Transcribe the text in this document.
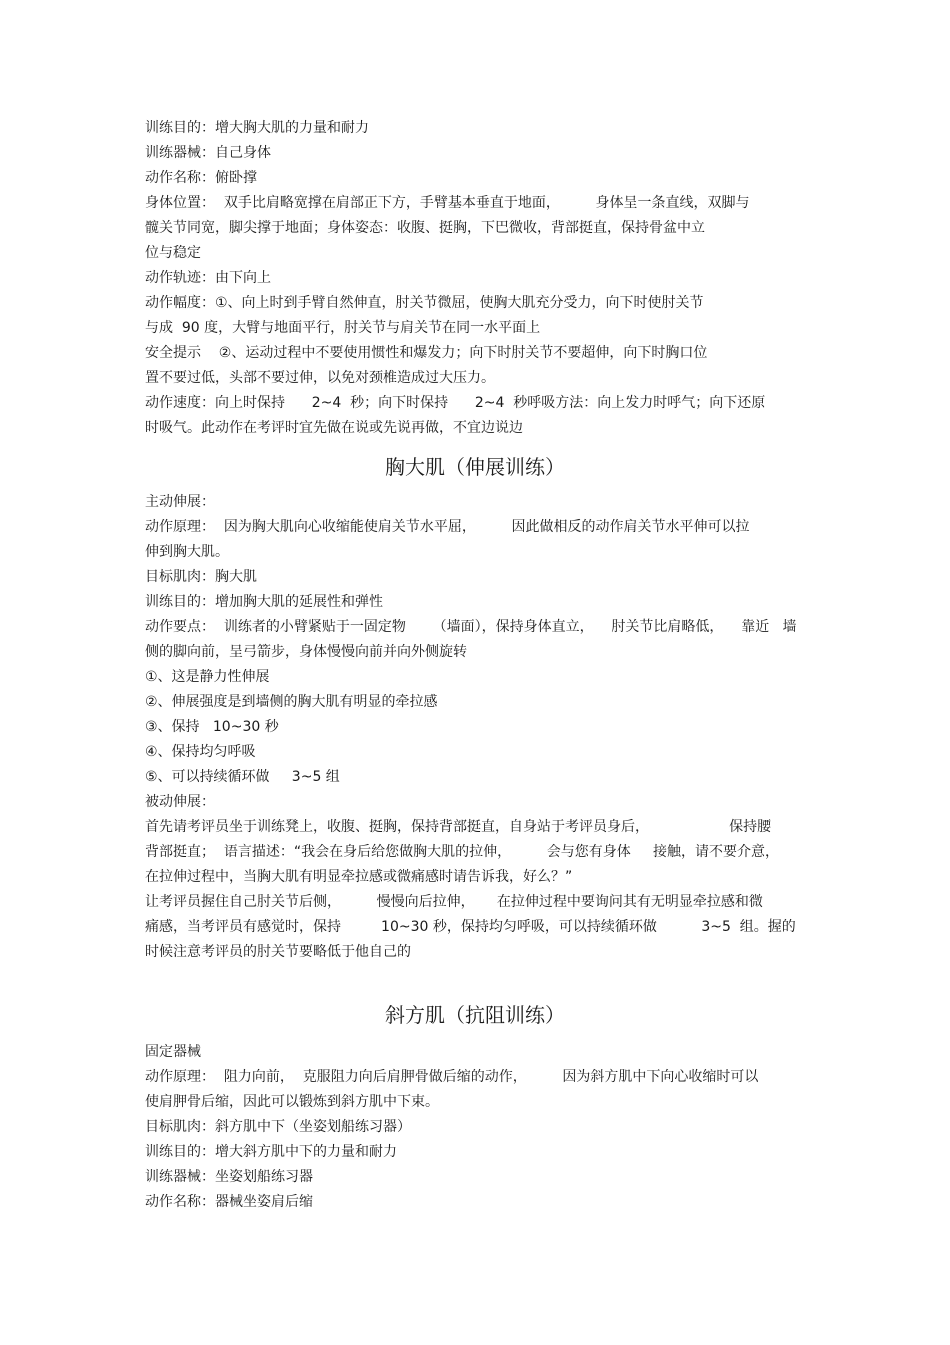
训练目的：增大胸大肌的力量和耐力
训练器械：自己身体
动作名称：俯卧撑
身体位置：  双手比肩略宽撑在肩部正下方，手臂基本垂直于地面，        身体呈一条直线，双脚与
髋关节同宽，脚尖撑于地面；身体姿态：收腹、挺胸，下巴微收，背部挺直，保持骨盆中立
位与稳定
动作轨迹：由下向上
动作幅度：①、向上时到手臂自然伸直，肘关节微屈，使胸大肌充分受力，向下时使肘关节
与成  90 度，大臂与地面平行，肘关节与肩关节在同一水平面上
安全提示    ②、运动过程中不要使用惯性和爆发力；向下时肘关节不要超伸，向下时胸口位
置不要过低，头部不要过伸，以免对颈椎造成过大压力。
动作速度：向上时保持      2~4  秒；向下时保持      2~4  秒呼吸方法：向上发力时呼气；向下还原
时吸气。此动作在考评时宜先做在说或先说再做，不宜边说边
胸大肌（伸展训练）
主动伸展：
动作原理：  因为胸大肌向心收缩能使肩关节水平屈，        因此做相反的动作肩关节水平伸可以拉
伸到胸大肌。
目标肌肉：胸大肌
训练目的：增加胸大肌的延展性和弹性
动作要点：  训练者的小臂紧贴于一固定物      （墙面），保持身体直立，    肘关节比肩略低，    靠近   墙
侧的脚向前，呈弓箭步，身体慢慢向前并向外侧旋转
①、这是静力性伸展
②、伸展强度是到墙侧的胸大肌有明显的牵拉感
③、保持   10~30 秒
④、保持均匀呼吸
⑤、可以持续循环做     3~5 组
被动伸展：
首先请考评员坐于训练凳上，收腹、挺胸，保持背部挺直，自身站于考评员身后，                  保持腰
背部挺直；  语言描述：“我会在身后给您做胸大肌的拉伸，        会与您有身体     接触，请不要介意，
在拉伸过程中，当胸大肌有明显牵拉感或微痛感时请告诉我，好么？”
让考评员握住自己肘关节后侧，        慢慢向后拉伸，     在拉伸过程中要询问其有无明显牵拉感和微
痛感，当考评员有感觉时，保持         10~30 秒，保持均匀呼吸，可以持续循环做          3~5  组。握的
时候注意考评员的肘关节要略低于他自己的
斜方肌（抗阻训练）
固定器械
动作原理：  阻力向前，  克服阻力向后肩胛骨做后缩的动作，        因为斜方肌中下向心收缩时可以
使肩胛骨后缩，因此可以锻炼到斜方肌中下束。
目标肌肉：斜方肌中下（坐姿划船练习器）
训练目的：增大斜方肌中下的力量和耐力
训练器械：坐姿划船练习器
动作名称：器械坐姿肩后缩
